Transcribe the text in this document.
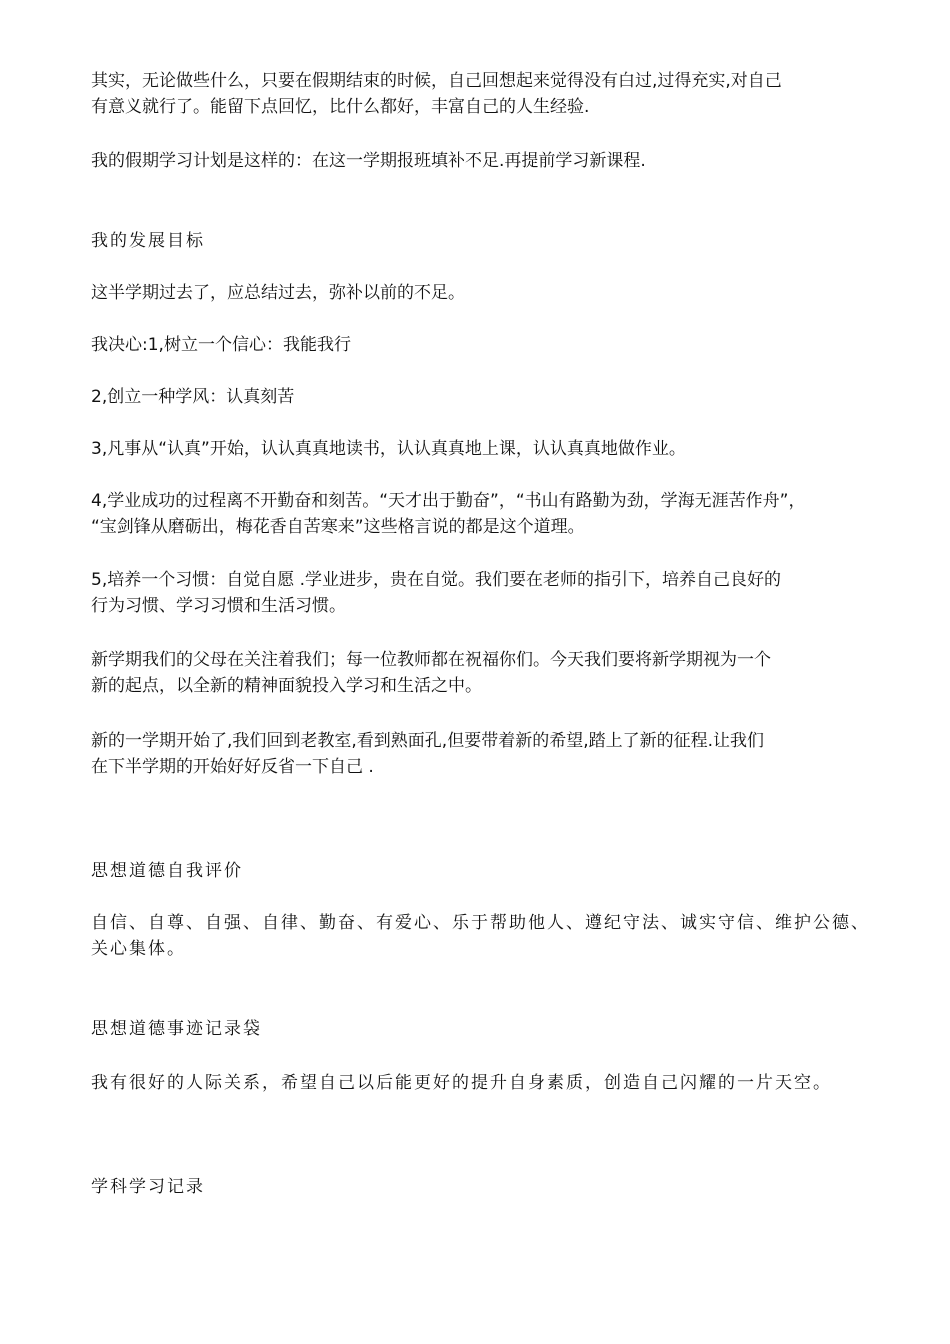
其实，无论做些什么，只要在假期结束的时候，自己回想起来觉得没有白过,过得充实,对自己
有意义就行了。能留下点回忆，比什么都好，丰富自己的人生经验.
我的假期学习计划是这样的：在这一学期报班填补不足.再提前学习新课程.
我的发展目标
这半学期过去了，应总结过去，弥补以前的不足。
我决心:1,树立一个信心：我能我行
2,创立一种学风：认真刻苦
3,凡事从“认真”开始，认认真真地读书，认认真真地上课，认认真真地做作业。
4,学业成功的过程离不开勤奋和刻苦。“天才出于勤奋”，“书山有路勤为劲，学海无涯苦作舟”，
“宝剑锋从磨砺出，梅花香自苦寒来”这些格言说的都是这个道理。
5,培养一个习惯：自觉自愿 .学业进步，贵在自觉。我们要在老师的指引下，培养自己良好的
行为习惯、学习习惯和生活习惯。
新学期我们的父母在关注着我们；每一位教师都在祝福你们。今天我们要将新学期视为一个
新的起点，以全新的精神面貌投入学习和生活之中。
新的一学期开始了,我们回到老教室,看到熟面孔,但要带着新的希望,踏上了新的征程.让我们
在下半学期的开始好好反省一下自己 .
思想道德自我评价
自信、自尊、自强、自律、勤奋、有爱心、乐于帮助他人、遵纪守法、诚实守信、维护公德、
关心集体。
思想道德事迹记录袋
我有很好的人际关系，希望自己以后能更好的提升自身素质，创造自己闪耀的一片天空。
学科学习记录
